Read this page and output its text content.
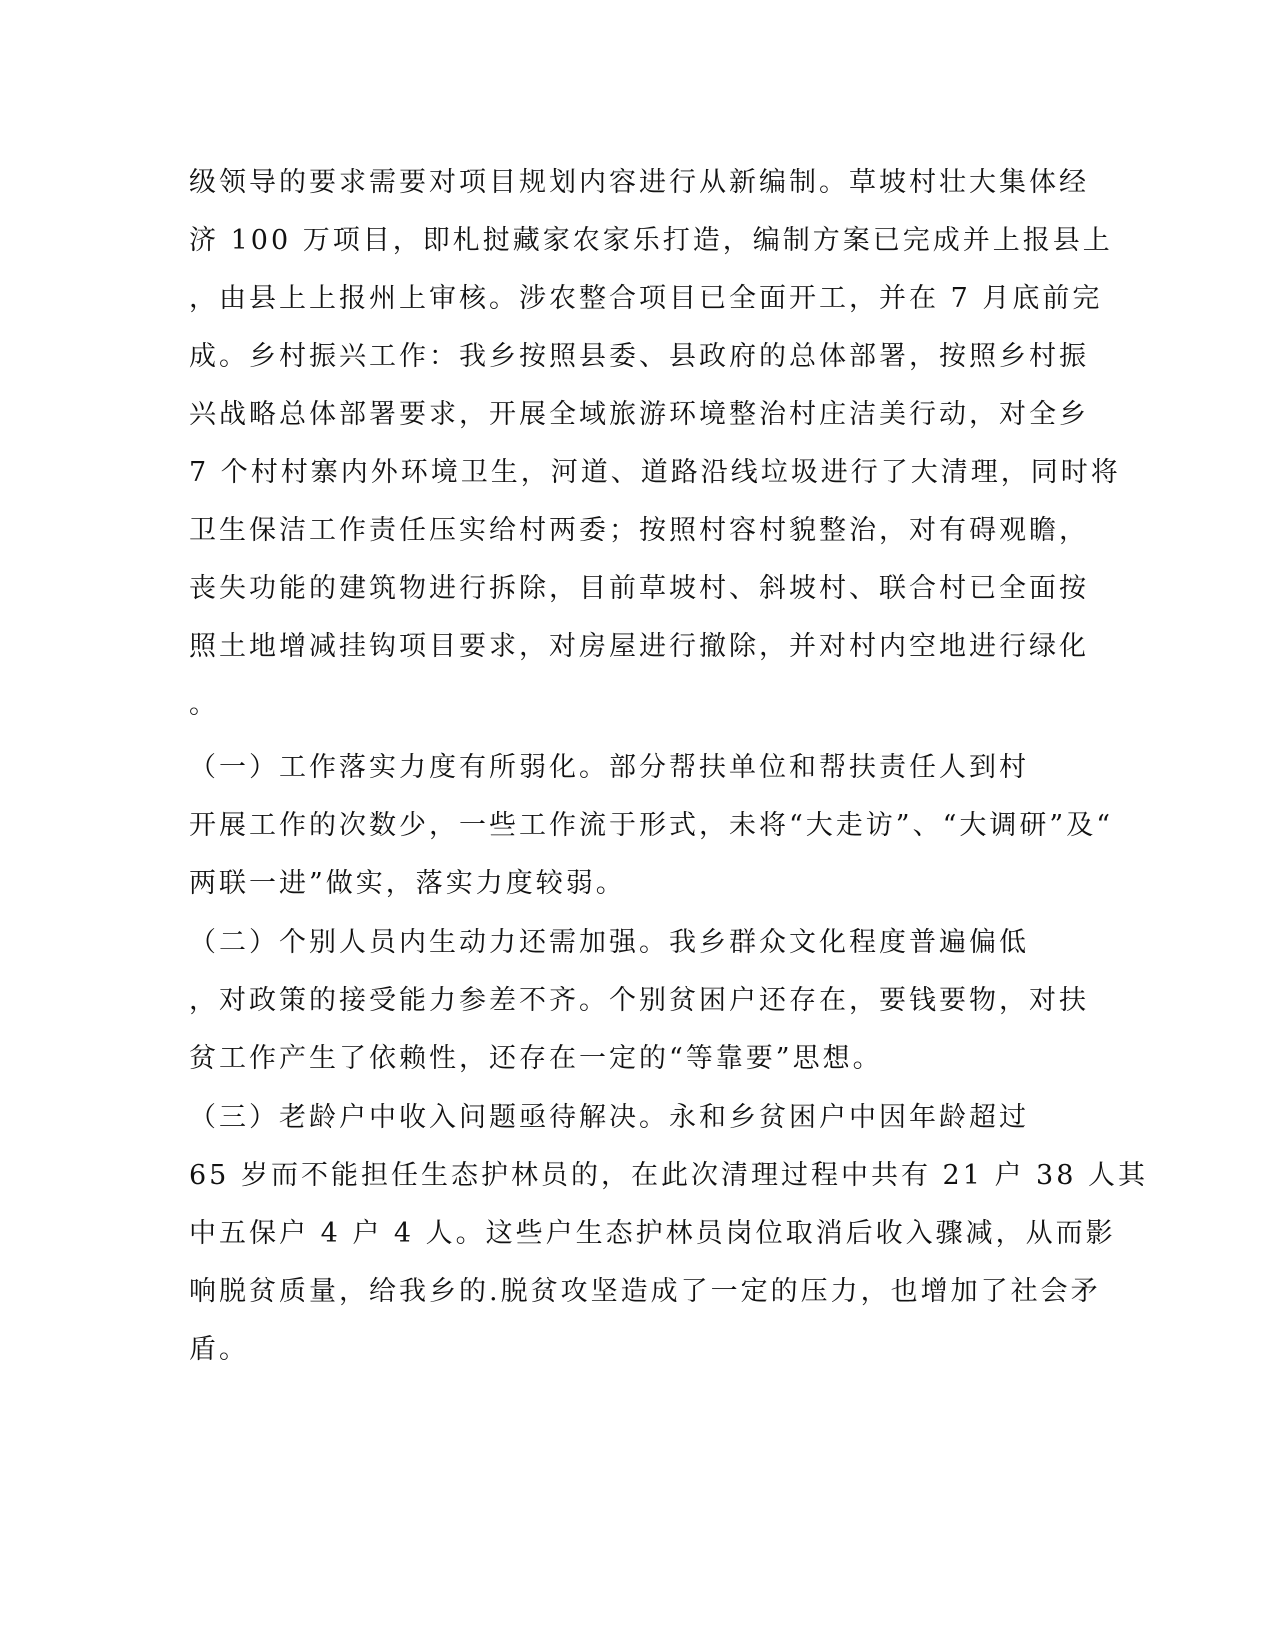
级领导的要求需要对项目规划内容进行从新编制。草坡村壮大集体经
济 100 万项目，即札挝藏家农家乐打造，编制方案已完成并上报县上
，由县上上报州上审核。涉农整合项目已全面开工，并在 7 月底前完
成。乡村振兴工作：我乡按照县委、县政府的总体部署，按照乡村振
兴战略总体部署要求，开展全域旅游环境整治村庄洁美行动，对全乡
7 个村村寨内外环境卫生，河道、道路沿线垃圾进行了大清理，同时将
卫生保洁工作责任压实给村两委；按照村容村貌整治，对有碍观瞻，
丧失功能的建筑物进行拆除，目前草坡村、斜坡村、联合村已全面按
照土地增减挂钩项目要求，对房屋进行撤除，并对村内空地进行绿化
。
（一）工作落实力度有所弱化。部分帮扶单位和帮扶责任人到村
开展工作的次数少，一些工作流于形式，未将“大走访”、“大调研”及“
两联一进”做实，落实力度较弱。
（二）个别人员内生动力还需加强。我乡群众文化程度普遍偏低
，对政策的接受能力参差不齐。个别贫困户还存在，要钱要物，对扶
贫工作产生了依赖性，还存在一定的“等靠要”思想。
（三）老龄户中收入问题亟待解决。永和乡贫困户中因年龄超过
65 岁而不能担任生态护林员的，在此次清理过程中共有 21 户 38 人其
中五保户 4 户 4 人。这些户生态护林员岗位取消后收入骤减，从而影
响脱贫质量，给我乡的.脱贫攻坚造成了一定的压力，也增加了社会矛
盾。
